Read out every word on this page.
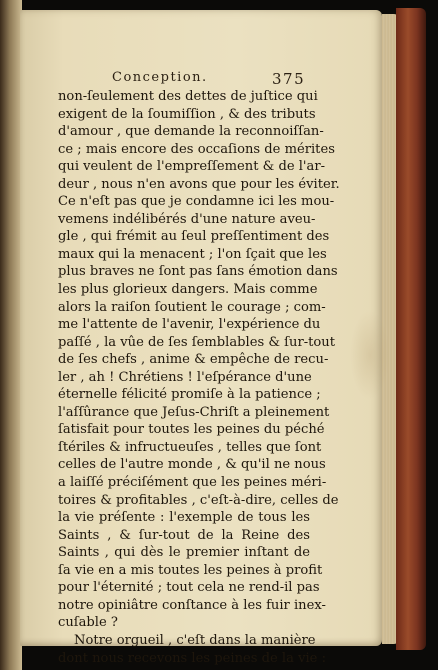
Conception.	375
non-ſeulement des dettes de juſtice qui
exigent de la ſoumiſſion , & des tributs
d'amour , que demande la reconnoiſſan-
ce ; mais encore des occaſions de mérites
qui veulent de l'empreſſement & de l'ar-
deur , nous n'en avons que pour les éviter.
Ce n'eſt pas que je condamne ici les mou-
vemens indélibérés d'une nature aveu-
gle , qui frémit au ſeul preſſentiment des
maux qui la menacent ; l'on ſçait que les
plus braves ne ſont pas ſans émotion dans
les plus glorieux dangers. Mais comme
alors la raiſon ſoutient le courage ; com-
me l'attente de l'avenir, l'expérience du
paſſé , la vûe de ſes ſemblables & ſur-tout
de ſes chefs , anime & empêche de recu-
ler , ah ! Chrétiens ! l'eſpérance d'une
éternelle félicité promiſe à la patience ;
l'aſſûrance que Jeſus-Chriſt a pleinement
ſatisfait pour toutes les peines du péché
ſtériles & infructueuſes , telles que ſont
celles de l'autre monde , & qu'il ne nous
a laiſſé préciſément que les peines méri-
toires & profitables , c'eſt-à-dire, celles de
la vie préſente : l'exemple de tous les
Saints , & ſur-tout de la Reine des
Saints , qui dès le premier inſtant de
ſa vie en a mis toutes les peines à profit
pour l'éternité ; tout cela ne rend-il pas
notre opiniâtre conſtance à les fuir inex-
cuſable ?
Notre orgueil , c'eſt dans la manière
dont nous recevons les peines de la vie :
